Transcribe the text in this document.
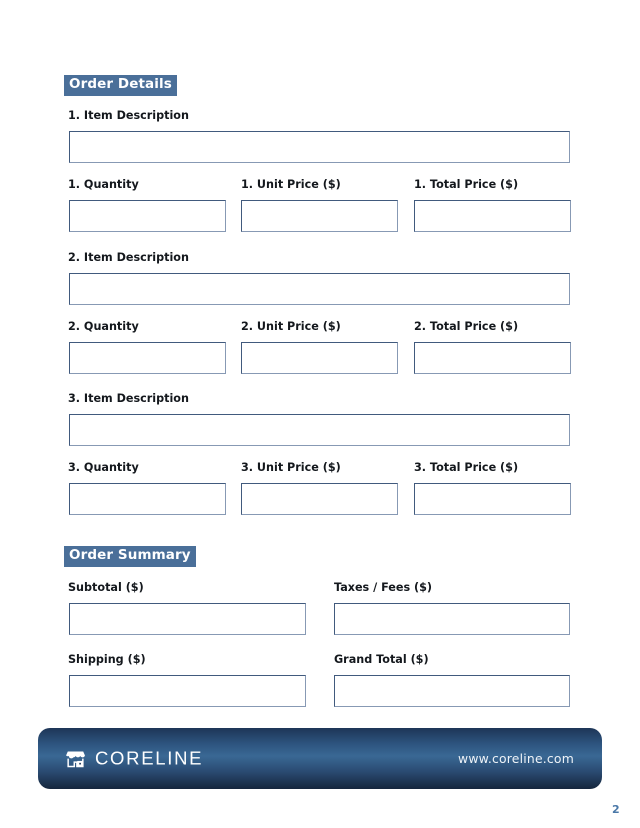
Order Details
1. Item Description
1. Quantity	1. Unit Price ($)	1. Total Price ($)
2. Item Description
2. Quantity	2. Unit Price ($)	2. Total Price ($)
3. Item Description
3. Quantity	3. Unit Price ($)	3. Total Price ($)
Order Summary
Subtotal ($)	Taxes / Fees ($)
Shipping ($)	Grand Total ($)
CORELINE	www.coreline.com
2
